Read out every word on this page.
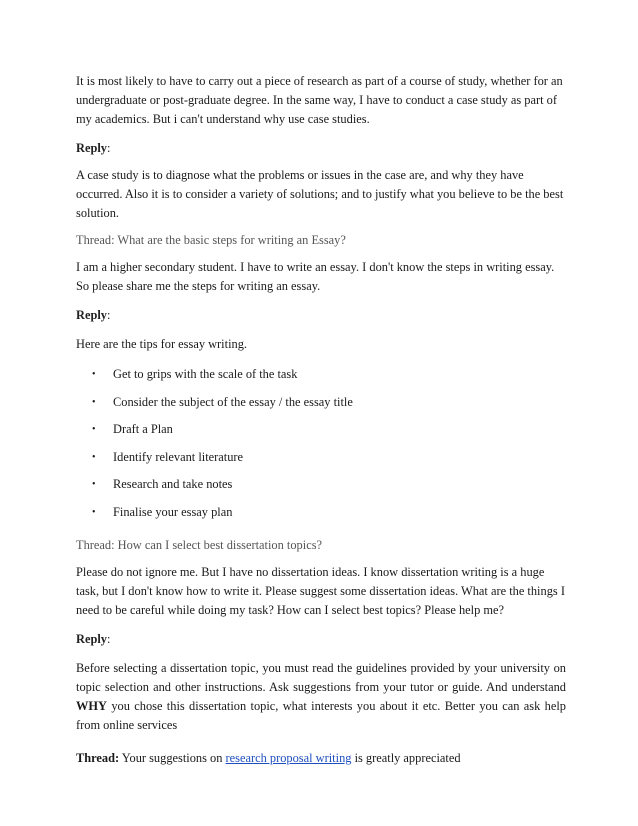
It is most likely to have to carry out a piece of research as part of a course of study, whether for an undergraduate or post-graduate degree. In the same way, I have to conduct a case study as part of my academics. But i can't understand why use case studies.

Reply:

A case study is to diagnose what the problems or issues in the case are, and why they have occurred. Also it is to consider a variety of solutions; and to justify what you believe to be the best solution.

Thread: What are the basic steps for writing an Essay?

I am a higher secondary student. I have to write an essay. I don't know the steps in writing essay. So please share me the steps for writing an essay.

Reply:

Here are the tips for essay writing.

• Get to grips with the scale of the task
• Consider the subject of the essay / the essay title
• Draft a Plan
• Identify relevant literature
• Research and take notes
• Finalise your essay plan

Thread: How can I select best dissertation topics?

Please do not ignore me. But I have no dissertation ideas. I know dissertation writing is a huge task, but I don't know how to write it. Please suggest some dissertation ideas. What are the things I need to be careful while doing my task? How can I select best topics? Please help me?

Reply:

Before selecting a dissertation topic, you must read the guidelines provided by your university on topic selection and other instructions. Ask suggestions from your tutor or guide. And understand WHY you chose this dissertation topic, what interests you about it etc. Better you can ask help from online services

Thread: Your suggestions on research proposal writing is greatly appreciated
